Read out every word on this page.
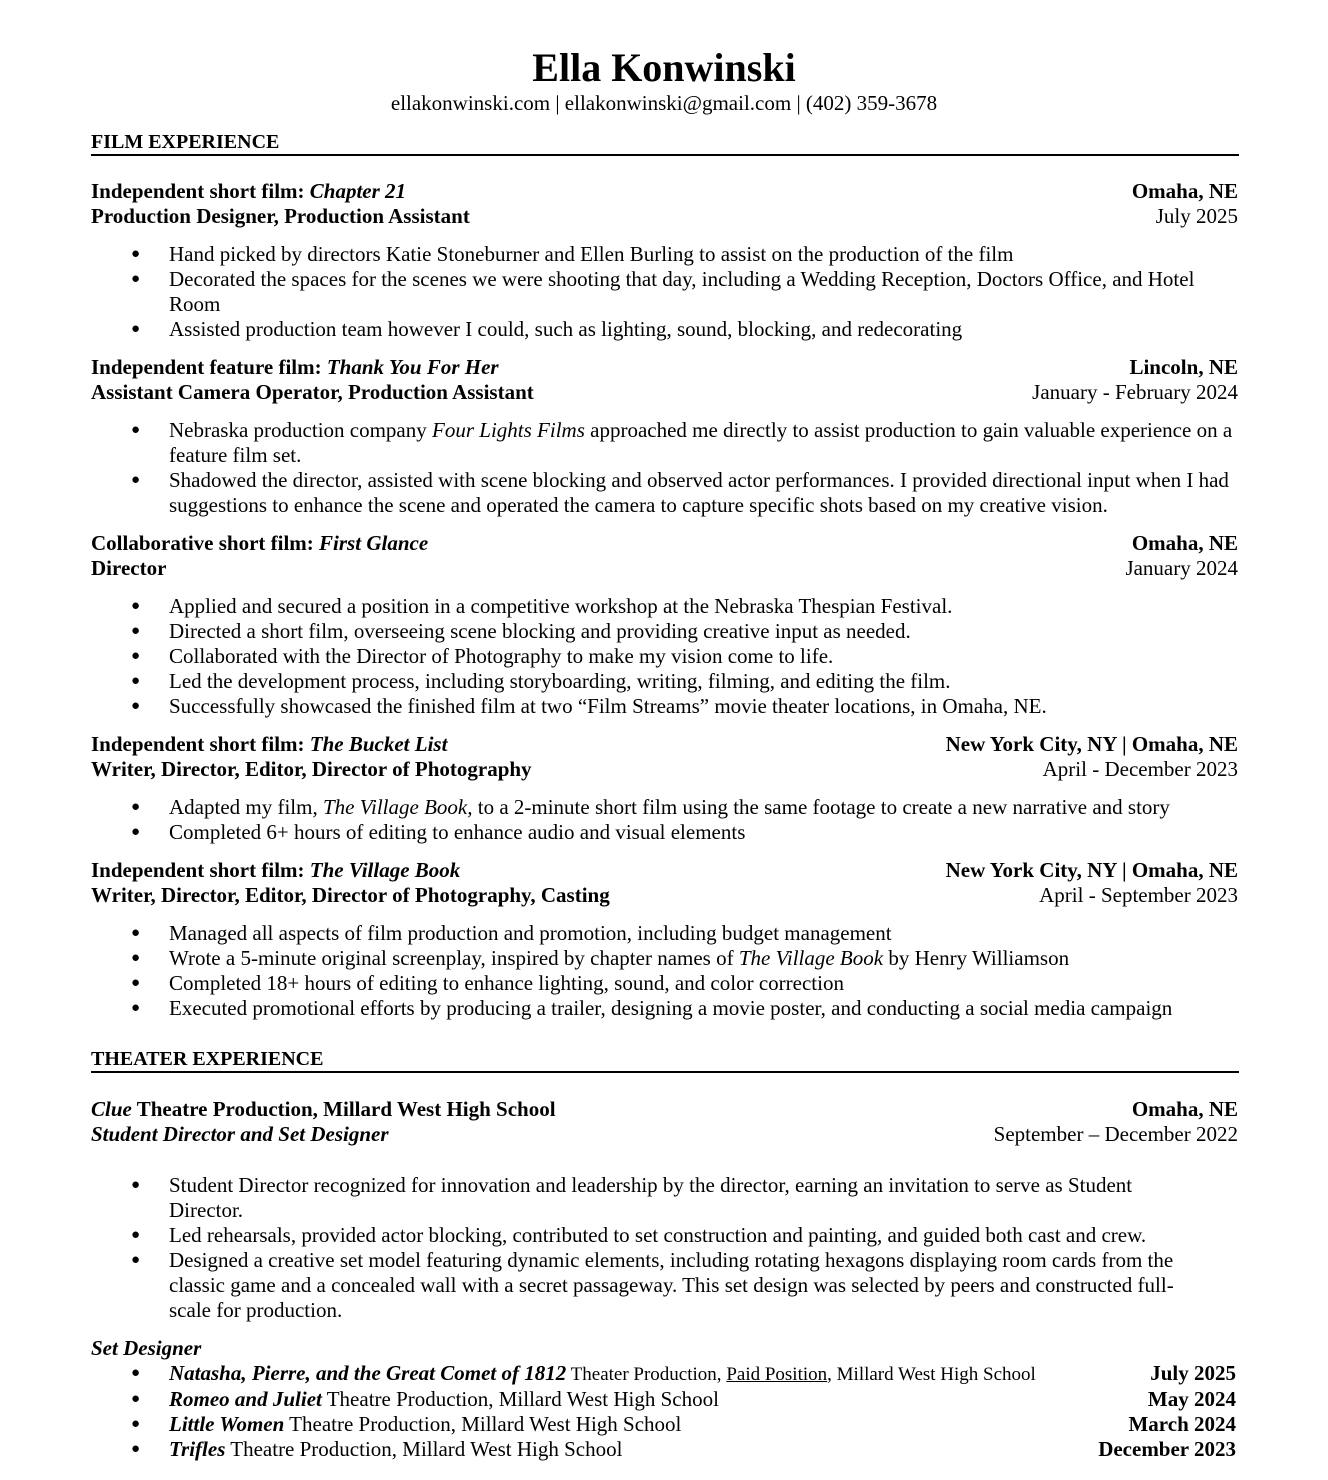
Ella Konwinski
ellakonwinski.com | ellakonwinski@gmail.com | (402) 359-3678
FILM EXPERIENCE
Independent short film: Chapter 21	Omaha, NE
Production Designer, Production Assistant	July 2025
● Hand picked by directors Katie Stoneburner and Ellen Burling to assist on the production of the film
● Decorated the spaces for the scenes we were shooting that day, including a Wedding Reception, Doctors Office, and Hotel Room
● Assisted production team however I could, such as lighting, sound, blocking, and redecorating
Independent feature film: Thank You For Her	Lincoln, NE
Assistant Camera Operator, Production Assistant	January - February 2024
● Nebraska production company Four Lights Films approached me directly to assist production to gain valuable experience on a feature film set.
● Shadowed the director, assisted with scene blocking and observed actor performances. I provided directional input when I had suggestions to enhance the scene and operated the camera to capture specific shots based on my creative vision.
Collaborative short film: First Glance	Omaha, NE
Director	January 2024
● Applied and secured a position in a competitive workshop at the Nebraska Thespian Festival.
● Directed a short film, overseeing scene blocking and providing creative input as needed.
● Collaborated with the Director of Photography to make my vision come to life.
● Led the development process, including storyboarding, writing, filming, and editing the film.
● Successfully showcased the finished film at two “Film Streams” movie theater locations, in Omaha, NE.
Independent short film: The Bucket List	New York City, NY | Omaha, NE
Writer, Director, Editor, Director of Photography	April - December 2023
● Adapted my film, The Village Book, to a 2-minute short film using the same footage to create a new narrative and story
● Completed 6+ hours of editing to enhance audio and visual elements
Independent short film: The Village Book	New York City, NY | Omaha, NE
Writer, Director, Editor, Director of Photography, Casting	April - September 2023
● Managed all aspects of film production and promotion, including budget management
● Wrote a 5-minute original screenplay, inspired by chapter names of The Village Book by Henry Williamson
● Completed 18+ hours of editing to enhance lighting, sound, and color correction
● Executed promotional efforts by producing a trailer, designing a movie poster, and conducting a social media campaign
THEATER EXPERIENCE
Clue Theatre Production, Millard West High School	Omaha, NE
Student Director and Set Designer	September – December 2022
● Student Director recognized for innovation and leadership by the director, earning an invitation to serve as Student Director.
● Led rehearsals, provided actor blocking, contributed to set construction and painting, and guided both cast and crew.
● Designed a creative set model featuring dynamic elements, including rotating hexagons displaying room cards from the classic game and a concealed wall with a secret passageway. This set design was selected by peers and constructed full-scale for production.
Set Designer
● Natasha, Pierre, and the Great Comet of 1812 Theater Production, Paid Position, Millard West High School	July 2025
● Romeo and Juliet Theatre Production, Millard West High School	May 2024
● Little Women Theatre Production, Millard West High School	March 2024
● Trifles Theatre Production, Millard West High School	December 2023
